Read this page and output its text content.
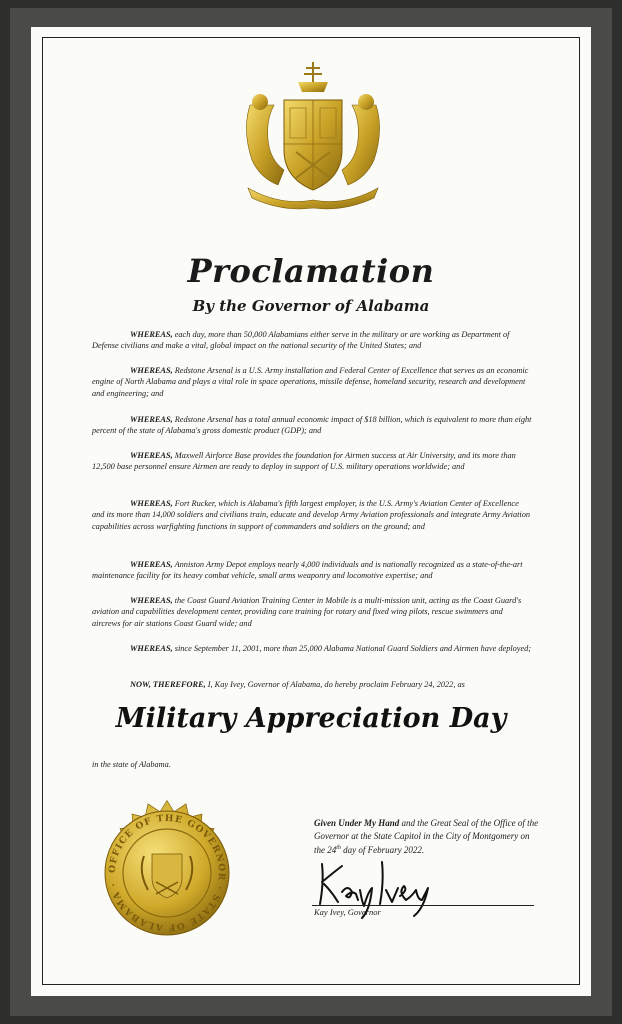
Proclamation
By the Governor of Alabama

WHEREAS, each day, more than 50,000 Alabamians either serve in the military or are working as Department of Defense civilians and make a vital, global impact on the national security of the United States; and

WHEREAS, Redstone Arsenal is a U.S. Army installation and Federal Center of Excellence that serves as an economic engine of North Alabama and plays a vital role in space operations, missile defense, homeland security, research and development and engineering; and

WHEREAS, Redstone Arsenal has a total annual economic impact of $18 billion, which is equivalent to more than eight percent of the state of Alabama's gross domestic product (GDP); and

WHEREAS, Maxwell Airforce Base provides the foundation for Airmen success at Air University, and its more than 12,500 base personnel ensure Airmen are ready to deploy in support of U.S. military operations worldwide; and

WHEREAS, Fort Rucker, which is Alabama's fifth largest employer, is the U.S. Army's Aviation Center of Excellence and its more than 14,000 soldiers and civilians train, educate and develop Army Aviation professionals and integrate Army Aviation capabilities across warfighting functions in support of commanders and soldiers on the ground; and

WHEREAS, Anniston Army Depot employs nearly 4,000 individuals and is nationally recognized as a state-of-the-art maintenance facility for its heavy combat vehicle, small arms weaponry and locomotive expertise; and

WHEREAS, the Coast Guard Aviation Training Center in Mobile is a multi-mission unit, acting as the Coast Guard's aviation and capabilities development center, providing core training for rotary and fixed wing pilots, rescue swimmers and aircrews for air stations Coast Guard wide; and

WHEREAS, since September 11, 2001, more than 25,000 Alabama National Guard Soldiers and Airmen have deployed;

NOW, THEREFORE, I, Kay Ivey, Governor of Alabama, do hereby proclaim February 24, 2022, as

Military Appreciation Day
in the state of Alabama.
OFFICE OF THE GOVERNOR · STATE OF ALABAMA ·
Given Under My Hand and the Great Seal of the Office of the Governor at the State Capitol in the City of Montgomery on the 24th day of February 2022.
Kay Ivey, Governor
